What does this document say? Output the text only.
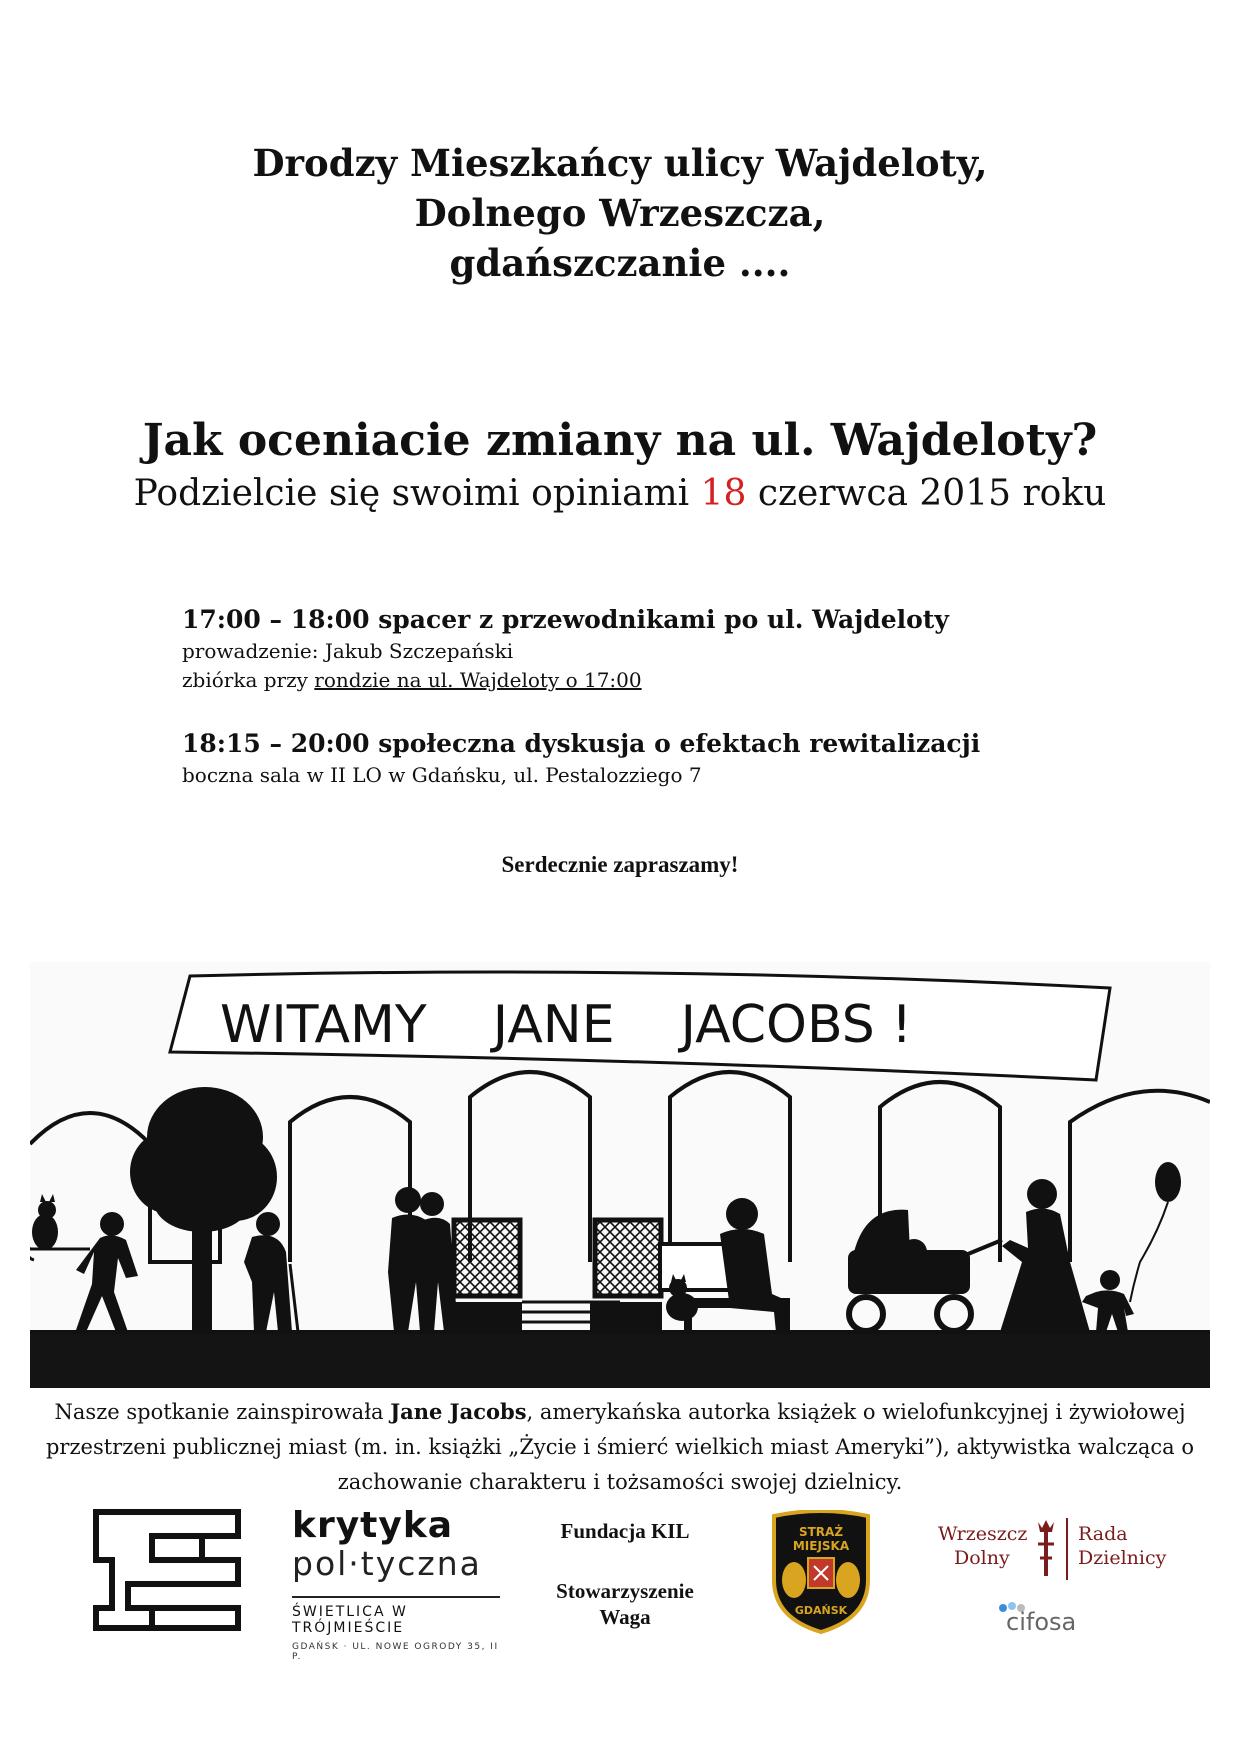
Drodzy Mieszkańcy ulicy Wajdeloty,
Dolnego Wrzeszcza,
gdańszczanie ....
Jak oceniacie zmiany na ul. Wajdeloty?
Podzielcie się swoimi opiniami 18 czerwca 2015 roku
17:00 – 18:00 spacer z przewodnikami po ul. Wajdeloty
prowadzenie: Jakub Szczepański
zbiórka przy rondzie na ul. Wajdeloty o 17:00
18:15 – 20:00 społeczna dyskusja o efektach rewitalizacji
boczna sala w II LO w Gdańsku, ul. Pestalozziego 7
Serdecznie zapraszamy!
WITAMY    JANE    JACOBS !
Nasze spotkanie zainspirowała Jane Jacobs, amerykańska autorka książek o wielofunkcyjnej i żywiołowej przestrzeni publicznej miast (m. in. książki „Życie i śmierć wielkich miast Ameryki”), aktywistka walcząca o zachowanie charakteru i tożsamości swojej dzielnicy.
krytyka
pol·tyczna
ŚWIETLICA W TRÓJMIEŚCIE
GDAŃSK · UL. NOWE OGRODY 35, II P.
Fundacja KIL
Stowarzyszenie
Waga
STRAŻ
MIEJSKA
GDAŃSK
Wrzeszcz
Dolny
Rada
Dzielnicy
cifosa
